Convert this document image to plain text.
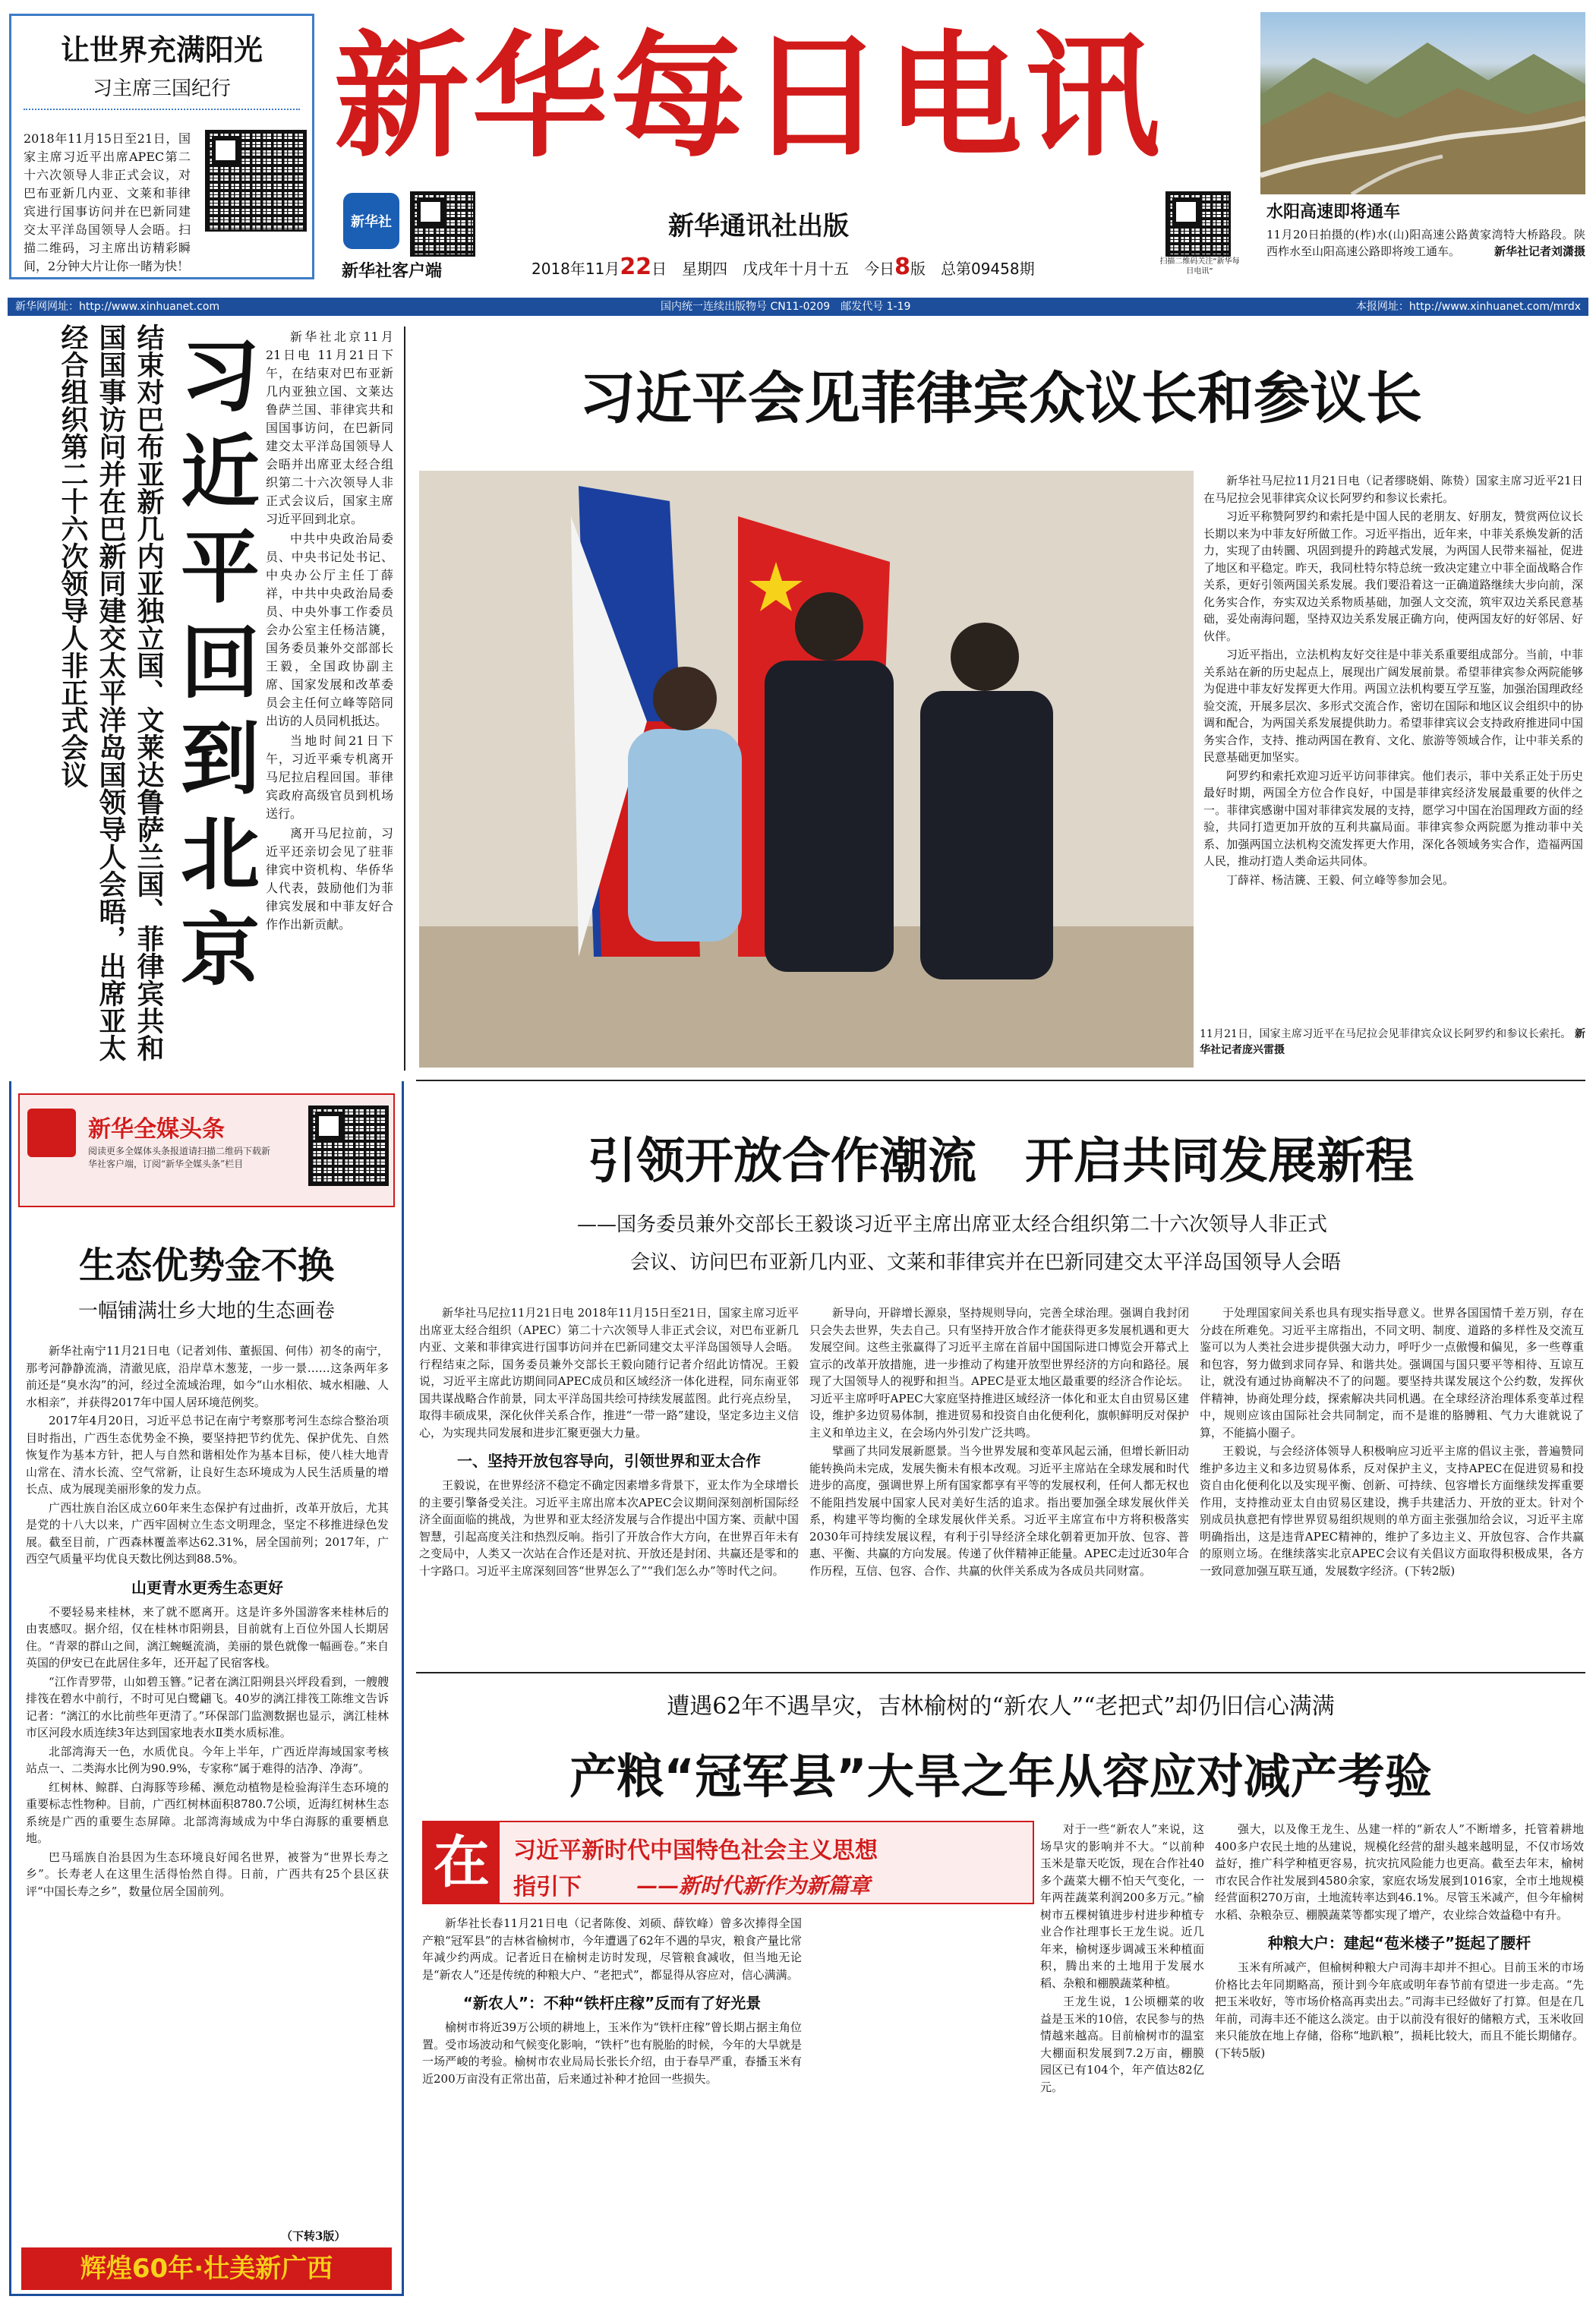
让世界充满阳光
习主席三国纪行
2018年11月15日至21日，国家主席习近平出席APEC第二十六次领导人非正式会议，对巴布亚新几内亚、文莱和菲律宾进行国事访问并在巴新同建交太平洋岛国领导人会晤。扫描二维码，习主席出访精彩瞬间，2分钟大片让你一睹为快！
新华每日电讯
新华社
新华社客户端
新华通讯社出版
2018年11月22日　星期四　戊戌年十月十五　今日8版　总第09458期	扫描二维码关注“新华每日电讯”
水阳高速即将通车
11月20日拍摄的(柞)水(山)阳高速公路黄家湾特大桥路段。陕西柞水至山阳高速公路即将竣工通车。	新华社记者刘潇摄
新华网网址：http://www.xinhuanet.com	国内统一连续出版物号 CN11-0209　邮发代号 1-19	本报网址：http://www.xinhuanet.com/mrdx
结束对巴布亚新几内亚独立国、文莱达鲁萨兰国、菲律宾共和国国事访问并在巴新同建交太平洋岛国领导人会晤，出席亚太经合组织第二十六次领导人非正式会议	习近平回到北京	新华社北京11月21日电 11月21日下午，在结束对巴布亚新几内亚独立国、文莱达鲁萨兰国、菲律宾共和国国事访问，在巴新同建交太平洋岛国领导人会晤并出席亚太经合组织第二十六次领导人非正式会议后，国家主席习近平回到北京。

中共中央政治局委员、中央书记处书记、中央办公厅主任丁薛祥，中共中央政治局委员、中央外事工作委员会办公室主任杨洁篪，国务委员兼外交部部长王毅，全国政协副主席、国家发展和改革委员会主任何立峰等陪同出访的人员同机抵达。

当地时间21日下午，习近平乘专机离开马尼拉启程回国。菲律宾政府高级官员到机场送行。

离开马尼拉前，习近平还亲切会见了驻菲律宾中资机构、华侨华人代表，鼓励他们为菲律宾发展和中菲友好合作作出新贡献。

习近平会见菲律宾众议长和参议长
11月21日，国家主席习近平在马尼拉会见菲律宾众议长阿罗约和参议长索托。 新华社记者庞兴雷摄

新华社马尼拉11月21日电（记者缪晓娟、陈贽）国家主席习近平21日在马尼拉会见菲律宾众议长阿罗约和参议长索托。

习近平称赞阿罗约和索托是中国人民的老朋友、好朋友，赞赏两位议长长期以来为中菲友好所做工作。习近平指出，近年来，中菲关系焕发新的活力，实现了由转圜、巩固到提升的跨越式发展，为两国人民带来福祉，促进了地区和平稳定。昨天，我同杜特尔特总统一致决定建立中菲全面战略合作关系，更好引领两国关系发展。我们要沿着这一正确道路继续大步向前，深化务实合作，夯实双边关系物质基础，加强人文交流，筑牢双边关系民意基础，妥处南海问题，坚持双边关系发展正确方向，使两国友好的好邻居、好伙伴。

习近平指出，立法机构友好交往是中菲关系重要组成部分。当前，中菲关系站在新的历史起点上，展现出广阔发展前景。希望菲律宾参众两院能够为促进中菲友好发挥更大作用。两国立法机构要互学互鉴，加强治国理政经验交流，开展多层次、多形式交流合作，密切在国际和地区议会组织中的协调和配合，为两国关系发展提供助力。希望菲律宾议会支持政府推进同中国务实合作，支持、推动两国在教育、文化、旅游等领域合作，让中菲关系的民意基础更加坚实。

阿罗约和索托欢迎习近平访问菲律宾。他们表示，菲中关系正处于历史最好时期，两国全方位合作良好，中国是菲律宾经济发展最重要的伙伴之一。菲律宾感谢中国对菲律宾发展的支持，愿学习中国在治国理政方面的经验，共同打造更加开放的互利共赢局面。菲律宾参众两院愿为推动菲中关系、加强两国立法机构交流发挥更大作用，深化各领域务实合作，造福两国人民，推动打造人类命运共同体。

丁薛祥、杨洁篪、王毅、何立峰等参加会见。

新华全媒头条
阅读更多全媒体头条报道请扫描二维码下载新华社客户端，订阅“新华全媒头条”栏目
生态优势金不换
一幅铺满壮乡大地的生态画卷

新华社南宁11月21日电（记者刘伟、董振国、何伟）初冬的南宁，那考河静静流淌，清澈见底，沿岸草木葱茏，一步一景……这条两年多前还是“臭水沟”的河，经过全流域治理，如今“山水相依、城水相融、人水相亲”，并获得2017年中国人居环境范例奖。

2017年4月20日，习近平总书记在南宁考察那考河生态综合整治项目时指出，广西生态优势金不换，要坚持把节约优先、保护优先、自然恢复作为基本方针，把人与自然和谐相处作为基本目标，使八桂大地青山常在、清水长流、空气常新，让良好生态环境成为人民生活质量的增长点、成为展现美丽形象的发力点。

广西壮族自治区成立60年来生态保护有过曲折，改革开放后，尤其是党的十八大以来，广西牢固树立生态文明理念，坚定不移推进绿色发展。截至目前，广西森林覆盖率达62.31%，居全国前列；2017年，广西空气质量平均优良天数比例达到88.5%。

山更青水更秀生态更好

不要轻易来桂林，来了就不愿离开。这是许多外国游客来桂林后的由衷感叹。据介绍，仅在桂林市阳朔县，目前就有上百位外国人长期居住。“青翠的群山之间，漓江蜿蜒流淌，美丽的景色就像一幅画卷。”来自英国的伊安已在此居住多年，还开起了民宿客栈。

“江作青罗带，山如碧玉簪。”记者在漓江阳朔县兴坪段看到，一艘艘排筏在碧水中前行，不时可见白鹭翩飞。40岁的漓江排筏工陈维文告诉记者：“漓江的水比前些年更清了。”环保部门监测数据也显示，漓江桂林市区河段水质连续3年达到国家地表水Ⅱ类水质标准。

北部湾海天一色，水质优良。今年上半年，广西近岸海域国家考核站点一、二类海水比例为90.9%，专家称“属于难得的洁净、净海”。

红树林、鲸群、白海豚等珍稀、濒危动植物是检验海洋生态环境的重要标志性物种。目前，广西红树林面积8780.7公顷，近海红树林生态系统是广西的重要生态屏障。北部湾海域成为中华白海豚的重要栖息地。

巴马瑶族自治县因为生态环境良好闻名世界，被誉为“世界长寿之乡”。长寿老人在这里生活得怡然自得。日前，广西共有25个县区获评“中国长寿之乡”，数量位居全国前列。

（下转3版）
辉煌60年·壮美新广西
引领开放合作潮流　开启共同发展新程
——国务委员兼外交部长王毅谈习近平主席出席亚太经合组织第二十六次领导人非正式
会议、访问巴布亚新几内亚、文莱和菲律宾并在巴新同建交太平洋岛国领导人会晤

新华社马尼拉11月21日电 2018年11月15日至21日，国家主席习近平出席亚太经合组织（APEC）第二十六次领导人非正式会议，对巴布亚新几内亚、文莱和菲律宾进行国事访问并在巴新同建交太平洋岛国领导人会晤。行程结束之际，国务委员兼外交部长王毅向随行记者介绍此访情况。王毅说，习近平主席此访期间同APEC成员和区域经济一体化进程，同东南亚邻国共谋战略合作前景，同太平洋岛国共绘可持续发展蓝图。此行亮点纷呈，取得丰硕成果，深化伙伴关系合作，推进“一带一路”建设，坚定多边主义信心，为实现共同发展和进步汇聚更强大力量。

一、坚持开放包容导向，引领世界和亚太合作

王毅说，在世界经济不稳定不确定因素增多背景下，亚太作为全球增长的主要引擎备受关注。习近平主席出席本次APEC会议期间深刻剖析国际经济全面面临的挑战，为世界和亚太经济发展与合作提出中国方案、贡献中国智慧，引起高度关注和热烈反响。指引了开放合作大方向，在世界百年未有之变局中，人类又一次站在合作还是对抗、开放还是封闭、共赢还是零和的十字路口。习近平主席深刻回答“世界怎么了”“我们怎么办”等时代之问。

新导向，开辟增长源泉，坚持规则导向，完善全球治理。强调自我封闭只会失去世界，失去自己。只有坚持开放合作才能获得更多发展机遇和更大发展空间。这些主张赢得了习近平主席在首届中国国际进口博览会开幕式上宣示的改革开放措施，进一步推动了构建开放型世界经济的方向和路径。展现了大国领导人的视野和担当。APEC是亚太地区最重要的经济合作论坛。习近平主席呼吁APEC大家庭坚持推进区域经济一体化和亚太自由贸易区建设，维护多边贸易体制，推进贸易和投资自由化便利化，旗帜鲜明反对保护主义和单边主义，在会场内外引发广泛共鸣。

擘画了共同发展新愿景。当今世界发展和变革风起云涌，但增长新旧动能转换尚未完成，发展失衡未有根本改观。习近平主席站在全球发展和时代进步的高度，强调世界上所有国家都享有平等的发展权利，任何人都无权也不能阻挡发展中国家人民对美好生活的追求。指出要加强全球发展伙伴关系，构建平等均衡的全球发展伙伴关系。习近平主席宣布中方将积极落实2030年可持续发展议程，有利于引导经济全球化朝着更加开放、包容、普惠、平衡、共赢的方向发展。传递了伙伴精神正能量。APEC走过近30年合作历程，互信、包容、合作、共赢的伙伴关系成为各成员共同财富。

于处理国家间关系也具有现实指导意义。世界各国国情千差万别，存在分歧在所难免。习近平主席指出，不同文明、制度、道路的多样性及交流互鉴可以为人类社会进步提供强大动力，呼吁少一点傲慢和偏见，多一些尊重和包容，努力做到求同存异、和谐共处。强调国与国只要平等相待、互谅互让，就没有通过协商解决不了的问题。要坚持共谋发展这个公约数，发挥伙伴精神，协商处理分歧，探索解决共同机遇。在全球经济治理体系变革过程中，规则应该由国际社会共同制定，而不是谁的胳膊粗、气力大谁就说了算，不能搞小圈子。

王毅说，与会经济体领导人积极响应习近平主席的倡议主张，普遍赞同维护多边主义和多边贸易体系，反对保护主义，支持APEC在促进贸易和投资自由化便利化以及实现平衡、创新、可持续、包容增长方面继续发挥重要作用，支持推动亚太自由贸易区建设，携手共建活力、开放的亚太。针对个别成员执意把有悖世界贸易组织规则的单方面主张强加给会议，习近平主席明确指出，这是违背APEC精神的，维护了多边主义、开放包容、合作共赢的原则立场。在继续落实北京APEC会议有关倡议方面取得积极成果，各方一致同意加强互联互通，发展数字经济。(下转2版)

遭遇62年不遇旱灾，吉林榆树的“新农人”“老把式”却仍旧信心满满
产粮“冠军县”大旱之年从容应对减产考验
在	习近平新时代中国特色社会主义思想
指引下	——新时代新作为新篇章

新华社长春11月21日电（记者陈俊、刘硕、薛钦峰）曾多次捧得全国产粮“冠军县”的吉林省榆树市，今年遭遇了62年不遇的旱灾，粮食产量比常年减少约两成。记者近日在榆树走访时发现，尽管粮食减收，但当地无论是“新农人”还是传统的种粮大户、“老把式”，都显得从容应对，信心满满。

“新农人”：不种“铁杆庄稼”反而有了好光景

榆树市将近39万公顷的耕地上，玉米作为“铁杆庄稼”曾长期占据主角位置。受市场波动和气候变化影响，“铁杆”也有脱胎的时候，今年的大旱就是一场严峻的考验。榆树市农业局局长张长介绍，由于春旱严重，春播玉米有近200万亩没有正常出苗，后来通过补种才抢回一些损失。

对于一些“新农人”来说，这场旱灾的影响并不大。“以前种玉米是靠天吃饭，现在合作社40多个蔬菜大棚不怕天气变化，一年两茬蔬菜利润200多万元。”榆树市五棵树镇进步村进步种植专业合作社理事长王龙生说。近几年来，榆树逐步调减玉米种植面积，腾出来的土地用于发展水稻、杂粮和棚膜蔬菜种植。

王龙生说，1公顷棚菜的收益是玉米的10倍，农民参与的热情越来越高。目前榆树市的温室大棚面积发展到7.2万亩，棚膜园区已有104个，年产值达82亿元。

强大，以及像王龙生、丛建一样的“新农人”不断增多，托管着耕地400多户农民土地的丛建说，规模化经营的甜头越来越明显，不仅市场效益好，推广科学种植更容易，抗灾抗风险能力也更高。截至去年末，榆树市农民合作社发展到4580余家，家庭农场发展到1016家，全市土地规模经营面积270万亩，土地流转率达到46.1%。尽管玉米减产，但今年榆树水稻、杂粮杂豆、棚膜蔬菜等都实现了增产，农业综合效益稳中有升。

种粮大户：建起“苞米楼子”挺起了腰杆

玉米有所减产，但榆树种粮大户司海丰却并不担心。目前玉米的市场价格比去年同期略高，预计到今年底或明年春节前有望进一步走高。“先把玉米收好，等市场价格高再卖出去。”司海丰已经做好了打算。但是在几年前，司海丰还不能这么淡定。由于以前没有很好的储粮方式，玉米收回来只能放在地上存储，俗称“地趴粮”，损耗比较大，而且不能长期储存。(下转5版)
